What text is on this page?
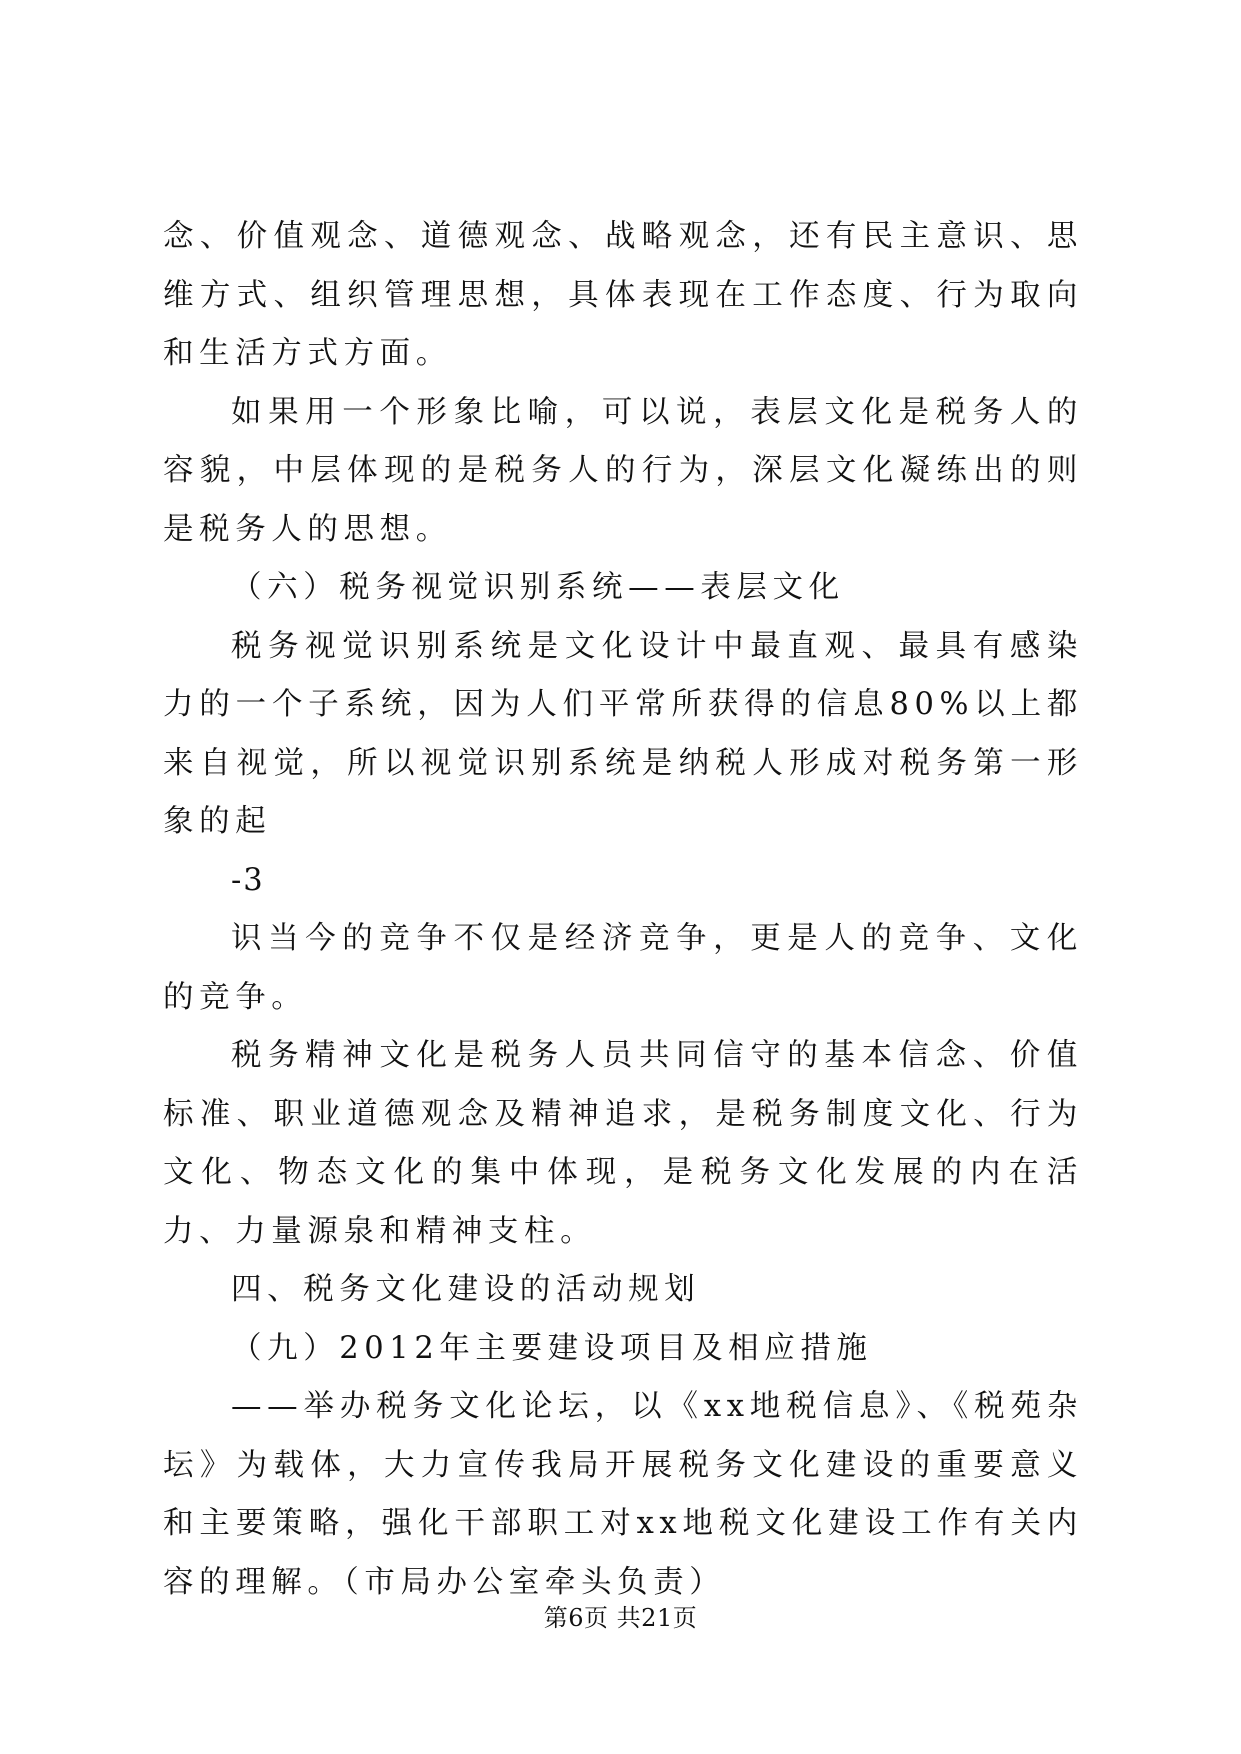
念、价值观念、道德观念、战略观念，还有民主意识、思维方式、组织管理思想，具体表现在工作态度、行为取向和生活方式方面。

如果用一个形象比喻，可以说，表层文化是税务人的容貌，中层体现的是税务人的行为，深层文化凝练出的则是税务人的思想。

（六）税务视觉识别系统——表层文化

税务视觉识别系统是文化设计中最直观、最具有感染力的一个子系统，因为人们平常所获得的信息80%以上都来自视觉，所以视觉识别系统是纳税人形成对税务第一形象的起

-3

识当今的竞争不仅是经济竞争，更是人的竞争、文化的竞争。

税务精神文化是税务人员共同信守的基本信念、价值标准、职业道德观念及精神追求，是税务制度文化、行为文化、物态文化的集中体现，是税务文化发展的内在活力、力量源泉和精神支柱。

四、税务文化建设的活动规划

（九）2012年主要建设项目及相应措施

——举办税务文化论坛，以《xx地税信息》、《税苑杂坛》为载体，大力宣传我局开展税务文化建设的重要意义和主要策略，强化干部职工对xx地税文化建设工作有关内容的理解。（市局办公室牵头负责）

第6页 共21页
